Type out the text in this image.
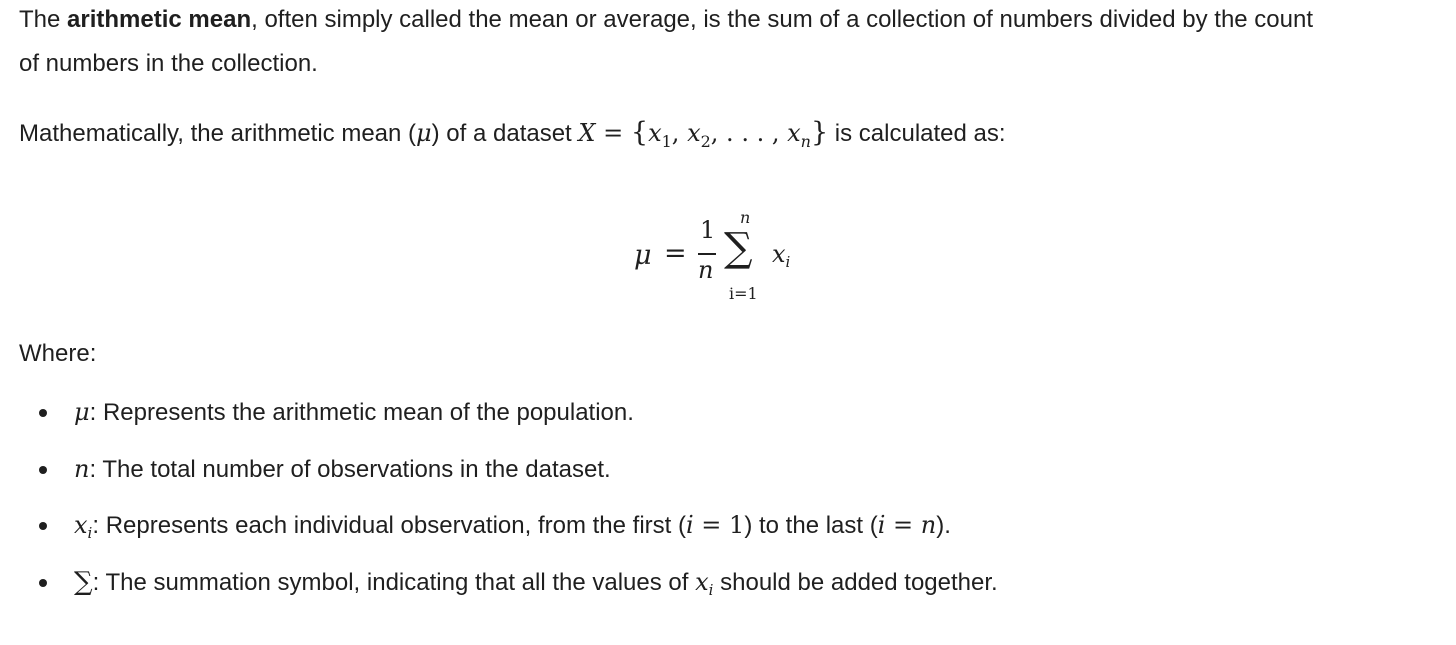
The arithmetic mean, often simply called the mean or average, is the sum of a collection of numbers divided by the count

of numbers in the collection.

Mathematically, the arithmetic mean (μ) of a dataset $X = \{x_1$, $x_2$, . . . , $x_n$} is calculated as:

μ =
1
n
n
∑
i=1
$x_i$

Where:

μ: Represents the arithmetic mean of the population.
n: The total number of observations in the dataset.
$x_i$: Represents each individual observation, from the first (i = 1) to the last (i = n).
∑: The summation symbol, indicating that all the values of $x_i$ should be added together.
